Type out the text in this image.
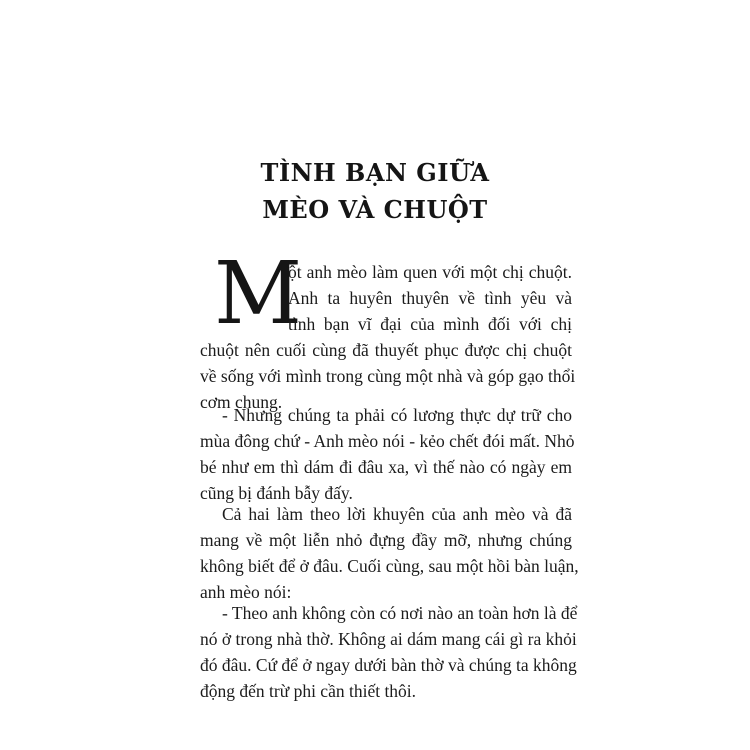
TÌNH BẠN GIỮA
MÈO VÀ CHUỘT
M
ột anh mèo làm quen với một chị chuột.
Anh ta huyên thuyên về tình yêu và
tình bạn vĩ đại của mình đối với chị
chuột nên cuối cùng đã thuyết phục được chị chuột
về sống với mình trong cùng một nhà và góp gạo thổi
cơm chung.
- Nhưng chúng ta phải có lương thực dự trữ cho
mùa đông chứ - Anh mèo nói - kẻo chết đói mất. Nhỏ
bé như em thì dám đi đâu xa, vì thế nào có ngày em
cũng bị đánh bẫy đấy.
Cả hai làm theo lời khuyên của anh mèo và đã
mang về một liễn nhỏ đựng đầy mỡ, nhưng chúng
không biết để ở đâu. Cuối cùng, sau một hồi bàn luận,
anh mèo nói:
- Theo anh không còn có nơi nào an toàn hơn là để
nó ở trong nhà thờ. Không ai dám mang cái gì ra khỏi
đó đâu. Cứ để ở ngay dưới bàn thờ và chúng ta không
động đến trừ phi cần thiết thôi.
